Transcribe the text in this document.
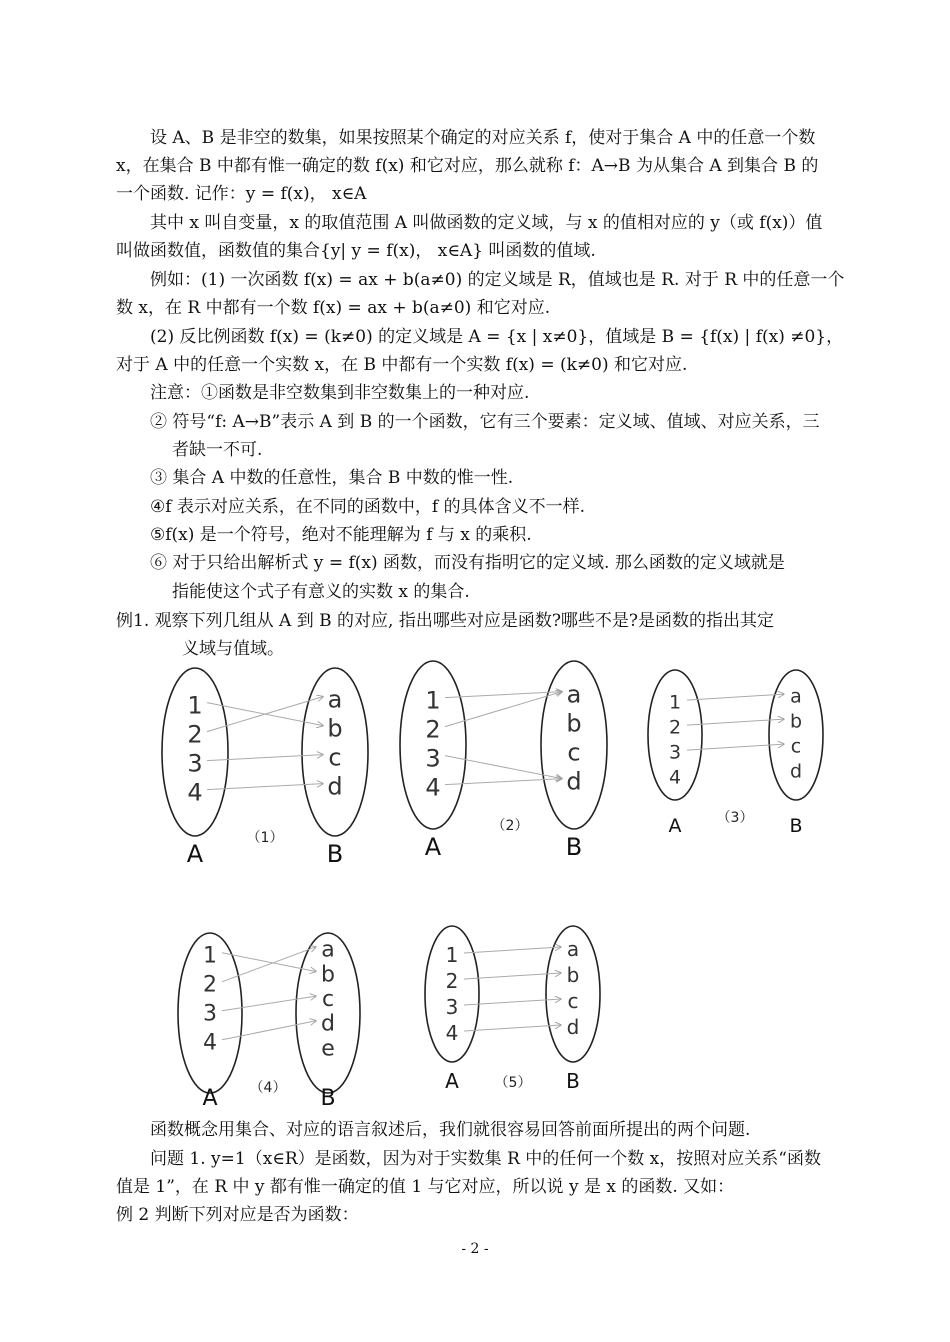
设 A、B 是非空的数集，如果按照某个确定的对应关系 f，使对于集合 A 中的任意一个数
x，在集合 B 中都有惟一确定的数 f(x) 和它对应，那么就称 f：A→B 为从集合 A 到集合 B 的
一个函数. 记作：y = f(x)， x∈A
其中 x 叫自变量，x 的取值范围 A 叫做函数的定义域，与 x 的值相对应的 y（或 f(x)）值
叫做函数值，函数值的集合{y| y = f(x)， x∈A} 叫函数的值域.
例如：(1) 一次函数 f(x) = ax + b(a≠0) 的定义域是 R，值域也是 R. 对于 R 中的任意一个
数 x，在 R 中都有一个数 f(x) = ax + b(a≠0) 和它对应.
(2) 反比例函数 f(x) = (k≠0) 的定义域是 A = {x | x≠0}，值域是 B = {f(x) | f(x) ≠0}，
对于 A 中的任意一个实数 x，在 B 中都有一个实数 f(x) = (k≠0) 和它对应.
注意：①函数是非空数集到非空数集上的一种对应.
② 符号“f: A→B”表示 A 到 B 的一个函数，它有三个要素：定义域、值域、对应关系，三
者缺一不可.
③ 集合 A 中数的任意性，集合 B 中数的惟一性.
④f 表示对应关系，在不同的函数中，f 的具体含义不一样.
⑤f(x) 是一个符号，绝对不能理解为 f 与 x 的乘积.
⑥ 对于只给出解析式 y = f(x) 函数，而没有指明它的定义域. 那么函数的定义域就是
指能使这个式子有意义的实数 x 的集合.
例1. 观察下列几组从 A 到 B 的对应, 指出哪些对应是函数?哪些不是?是函数的指出其定
义域与值域。
1
2
3
4
a
b
c
d
A	B
（1）
1
2
3
4
a
b
c
d
A	B
（2）
1
2
3
4
a
b
c
d
A	B
（3）
1
2
3
4
a
b
c
d
e
A	B
（4）
1
2
3
4
a
b
c
d
A	B
（5）
函数概念用集合、对应的语言叙述后，我们就很容易回答前面所提出的两个问题.
问题 1. y=1（x∈R）是函数，因为对于实数集 R 中的任何一个数 x，按照对应关系“函数
值是 1”，在 R 中 y 都有惟一确定的值 1 与它对应，所以说 y 是 x 的函数. 又如：
例 2 判断下列对应是否为函数：
- 2 -
